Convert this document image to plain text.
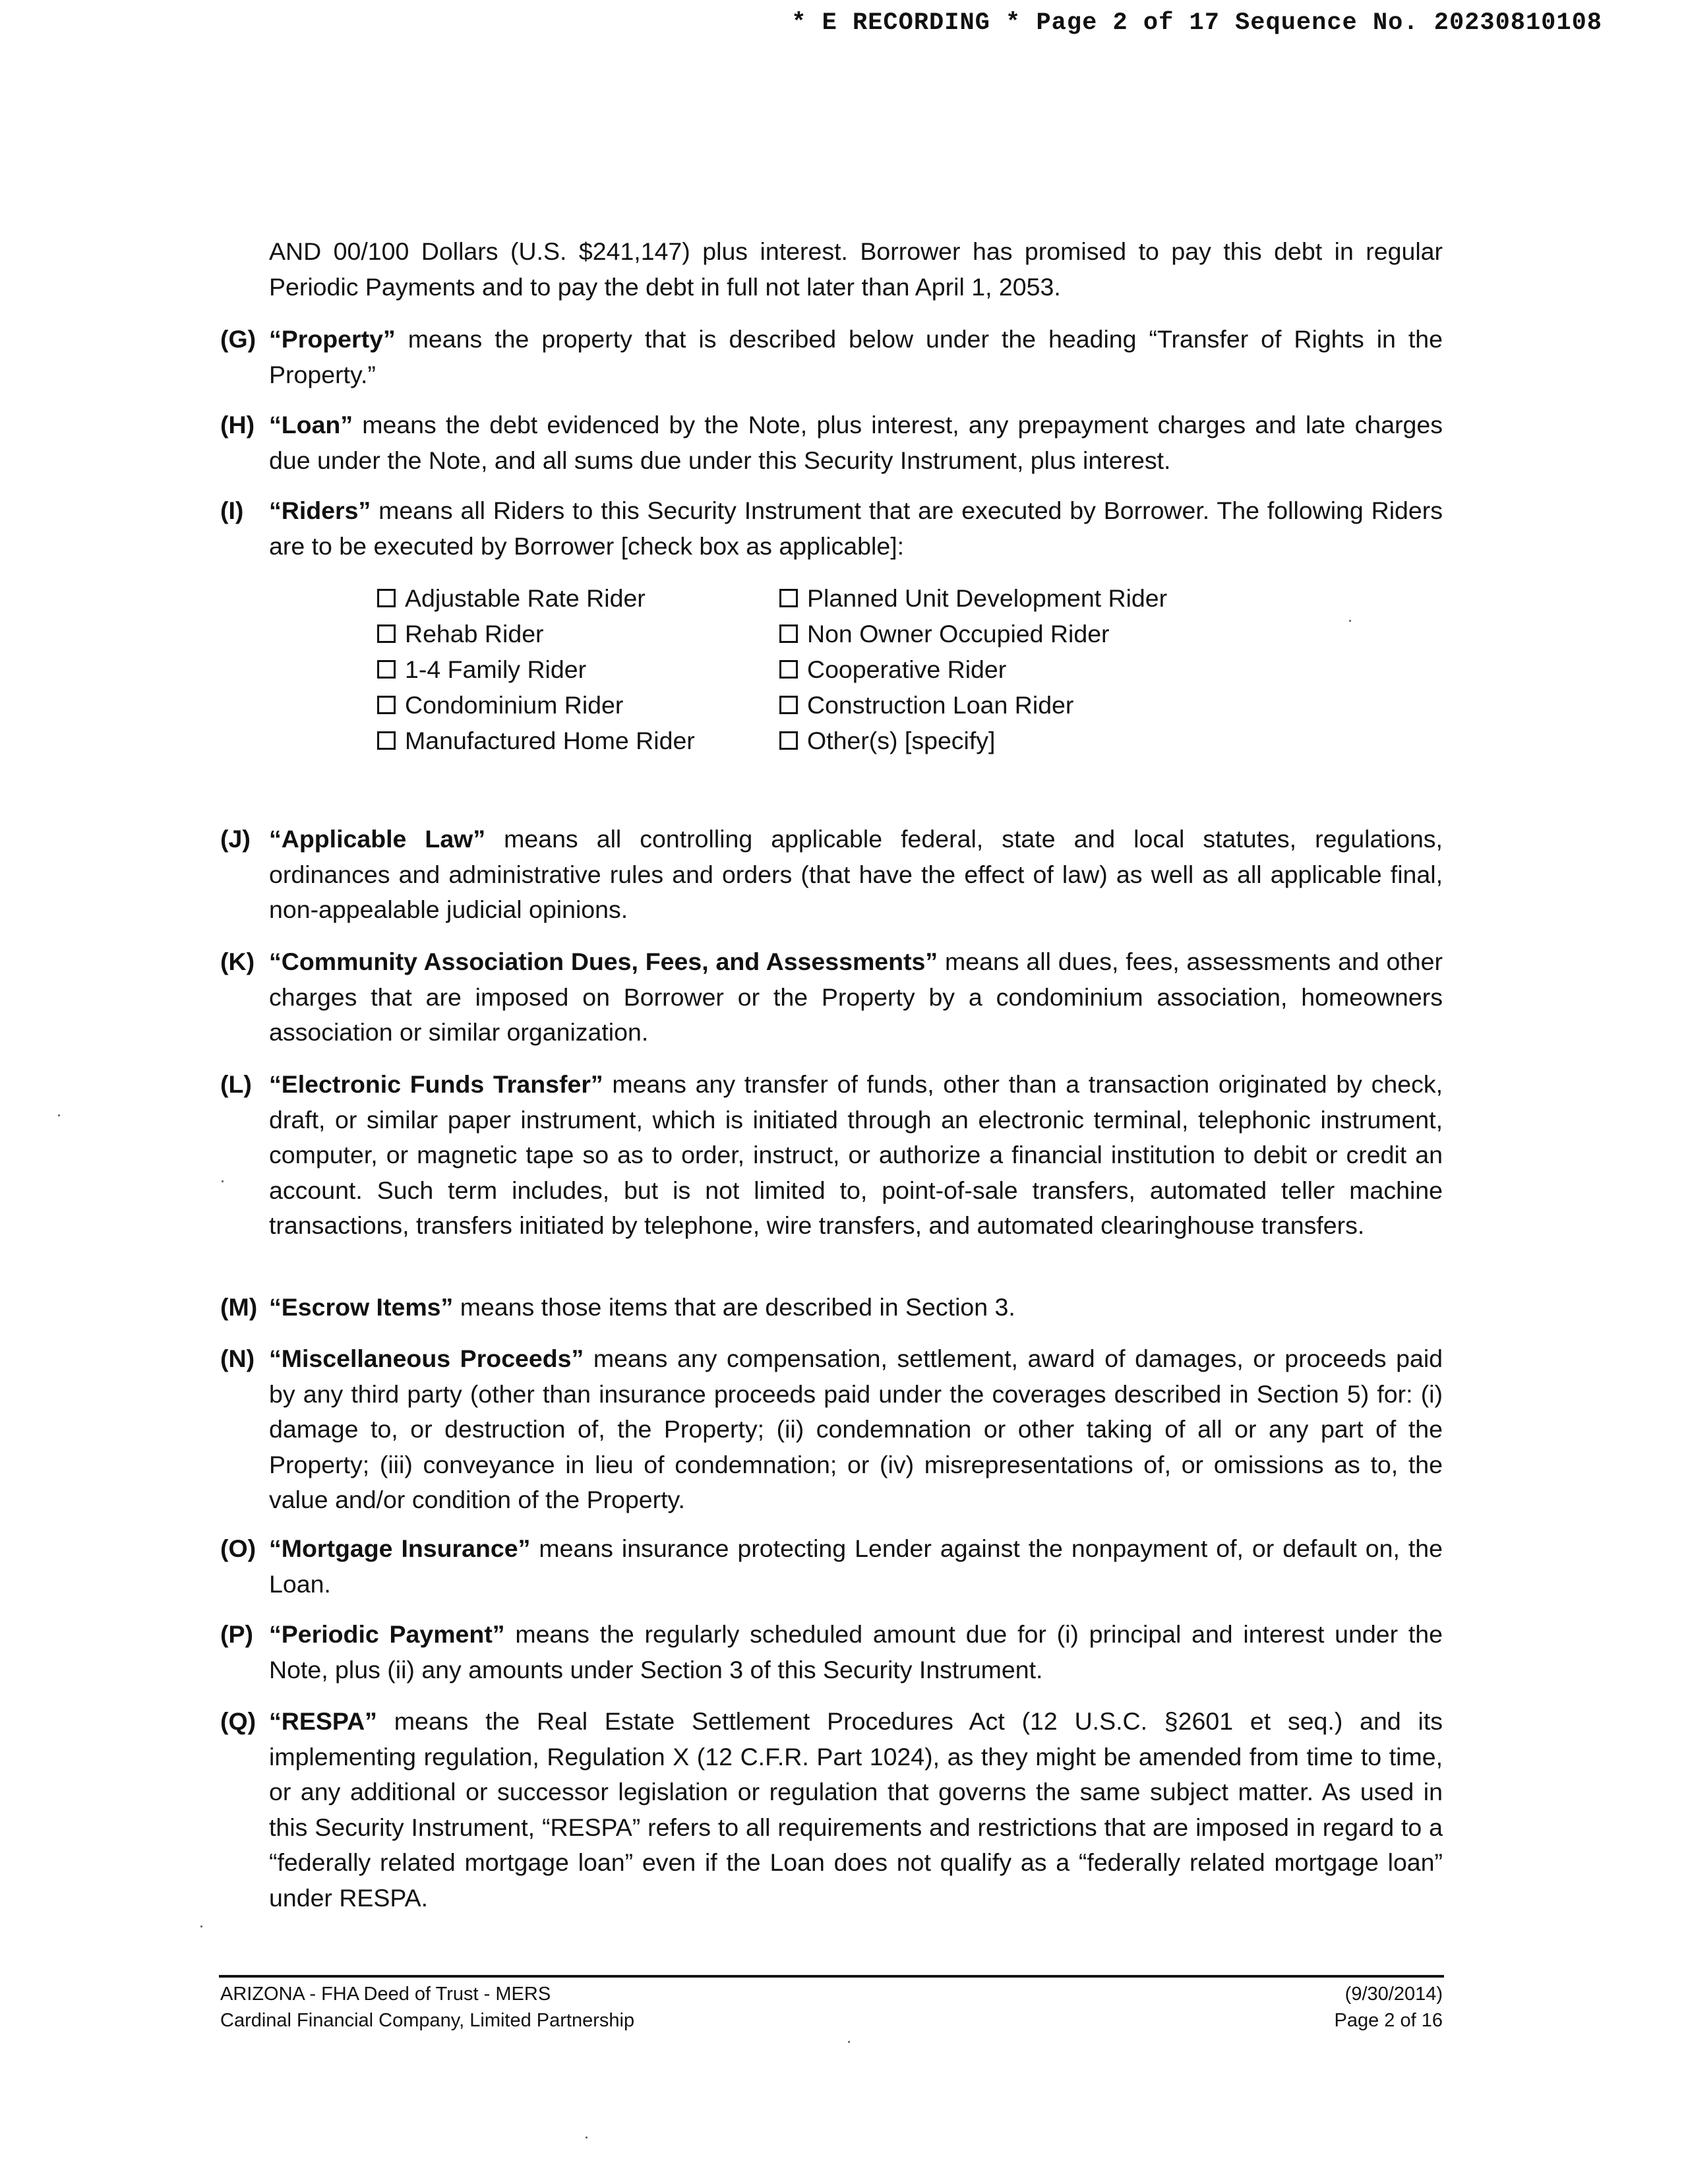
* E RECORDING * Page 2 of 17 Sequence No. 20230810108
AND 00/100 Dollars (U.S. $241,147) plus interest. Borrower has promised to pay this debt in regular Periodic Payments and to pay the debt in full not later than April 1, 2053.
(G) “Property” means the property that is described below under the heading “Transfer of Rights in the Property.”
(H) “Loan” means the debt evidenced by the Note, plus interest, any prepayment charges and late charges due under the Note, and all sums due under this Security Instrument, plus interest.
(I) “Riders” means all Riders to this Security Instrument that are executed by Borrower. The following Riders are to be executed by Borrower [check box as applicable]:
Adjustable Rate Rider
Rehab Rider
1-4 Family Rider
Condominium Rider
Manufactured Home Rider
Planned Unit Development Rider
Non Owner Occupied Rider
Cooperative Rider
Construction Loan Rider
Other(s) [specify]
(J) “Applicable Law” means all controlling applicable federal, state and local statutes, regulations, ordinances and administrative rules and orders (that have the effect of law) as well as all applicable final, non-appealable judicial opinions.
(K) “Community Association Dues, Fees, and Assessments” means all dues, fees, assessments and other charges that are imposed on Borrower or the Property by a condominium association, homeowners association or similar organization.
(L) “Electronic Funds Transfer” means any transfer of funds, other than a transaction originated by check, draft, or similar paper instrument, which is initiated through an electronic terminal, telephonic instrument, computer, or magnetic tape so as to order, instruct, or authorize a financial institution to debit or credit an account. Such term includes, but is not limited to, point-of-sale transfers, automated teller machine transactions, transfers initiated by telephone, wire transfers, and automated clearinghouse transfers.
(M) “Escrow Items” means those items that are described in Section 3.
(N) “Miscellaneous Proceeds” means any compensation, settlement, award of damages, or proceeds paid by any third party (other than insurance proceeds paid under the coverages described in Section 5) for: (i) damage to, or destruction of, the Property; (ii) condemnation or other taking of all or any part of the Property; (iii) conveyance in lieu of condemnation; or (iv) misrepresentations of, or omissions as to, the value and/or condition of the Property.
(O) “Mortgage Insurance” means insurance protecting Lender against the nonpayment of, or default on, the Loan.
(P) “Periodic Payment” means the regularly scheduled amount due for (i) principal and interest under the Note, plus (ii) any amounts under Section 3 of this Security Instrument.
(Q) “RESPA” means the Real Estate Settlement Procedures Act (12 U.S.C. §2601 et seq.) and its implementing regulation, Regulation X (12 C.F.R. Part 1024), as they might be amended from time to time, or any additional or successor legislation or regulation that governs the same subject matter. As used in this Security Instrument, “RESPA” refers to all requirements and restrictions that are imposed in regard to a “federally related mortgage loan” even if the Loan does not qualify as a “federally related mortgage loan” under RESPA.
ARIZONA - FHA Deed of Trust - MERS
Cardinal Financial Company, Limited Partnership
(9/30/2014)
Page 2 of 16
